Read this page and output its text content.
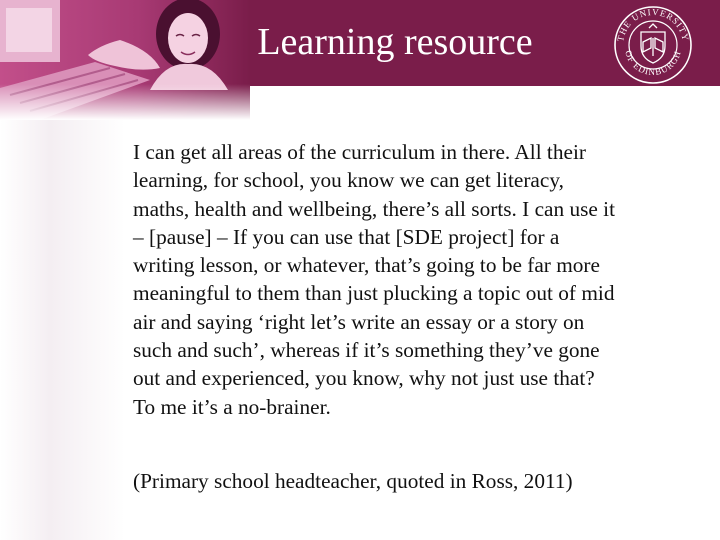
Learning resource	THE UNIVERSITY
OF EDINBURGH
I can get all areas of the curriculum in there. All their
learning, for school, you know we can get literacy,
maths, health and wellbeing, there’s all sorts. I can use it
– [pause] – If you can use that [SDE project] for a
writing lesson, or whatever, that’s going to be far more
meaningful to them than just plucking a topic out of mid
air and saying ‘right let’s write an essay or a story on
such and such’, whereas if it’s something they’ve gone
out and experienced, you know, why not just use that?
To me it’s a no-brainer.
(Primary school headteacher, quoted in Ross, 2011)
